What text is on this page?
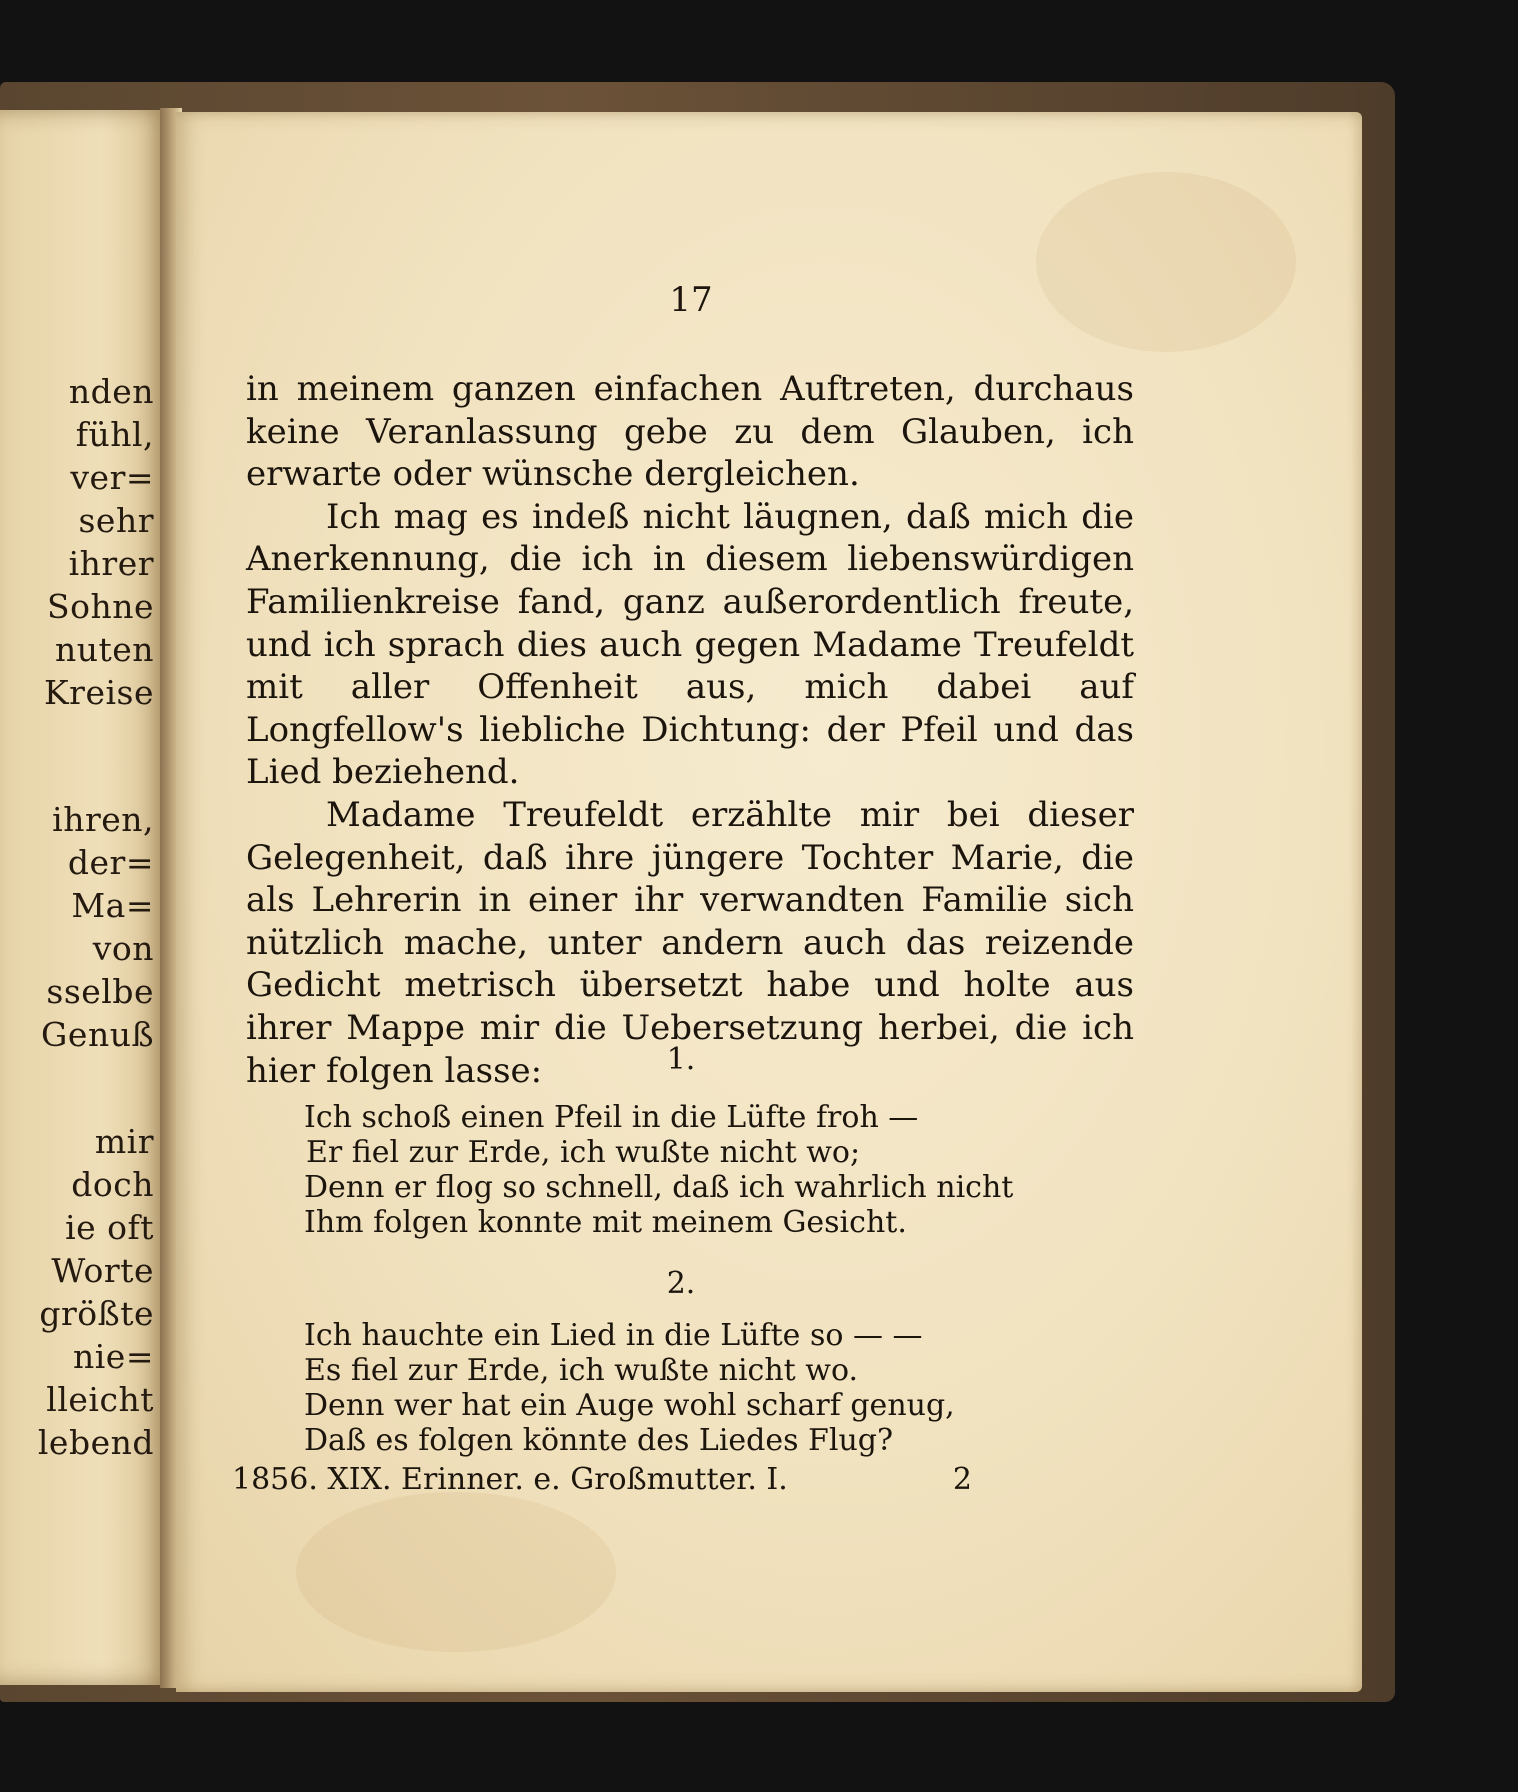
nden
fühl,
ver=
sehr
ihrer
Sohne
nuten
Kreise
ihren,
der=
Ma=
von
sselbe
Genuß
mir
doch
ie oft
Worte
größte
nie=
lleicht
lebend
17

in meinem ganzen einfachen Auftreten, durchaus keine Veranlassung gebe zu dem Glauben, ich erwarte oder wünsche dergleichen.

Ich mag es indeß nicht läugnen, daß mich die Anerkennung, die ich in diesem liebenswürdigen Familienkreise fand, ganz außerordentlich freute, und ich sprach dies auch gegen Madame Treufeldt mit aller Offenheit aus, mich dabei auf Longfellow's liebliche Dichtung: der Pfeil und das Lied beziehend.

Madame Treufeldt erzählte mir bei dieser Gelegenheit, daß ihre jüngere Tochter Marie, die als Lehrerin in einer ihr verwandten Familie sich nützlich mache, unter andern auch das reizende Gedicht metrisch übersetzt habe und holte aus ihrer Mappe mir die Uebersetzung herbei, die ich hier folgen lasse:	1.
Ich schoß einen Pfeil in die Lüfte froh —
Er fiel zur Erde, ich wußte nicht wo;
Denn er flog so schnell, daß ich wahrlich nicht
Ihm folgen konnte mit meinem Gesicht.
2.
Ich hauchte ein Lied in die Lüfte so — —
Es fiel zur Erde, ich wußte nicht wo.
Denn wer hat ein Auge wohl scharf genug,
Daß es folgen könnte des Liedes Flug?
1856. XIX. Erinner. e. Großmutter. I.	2
